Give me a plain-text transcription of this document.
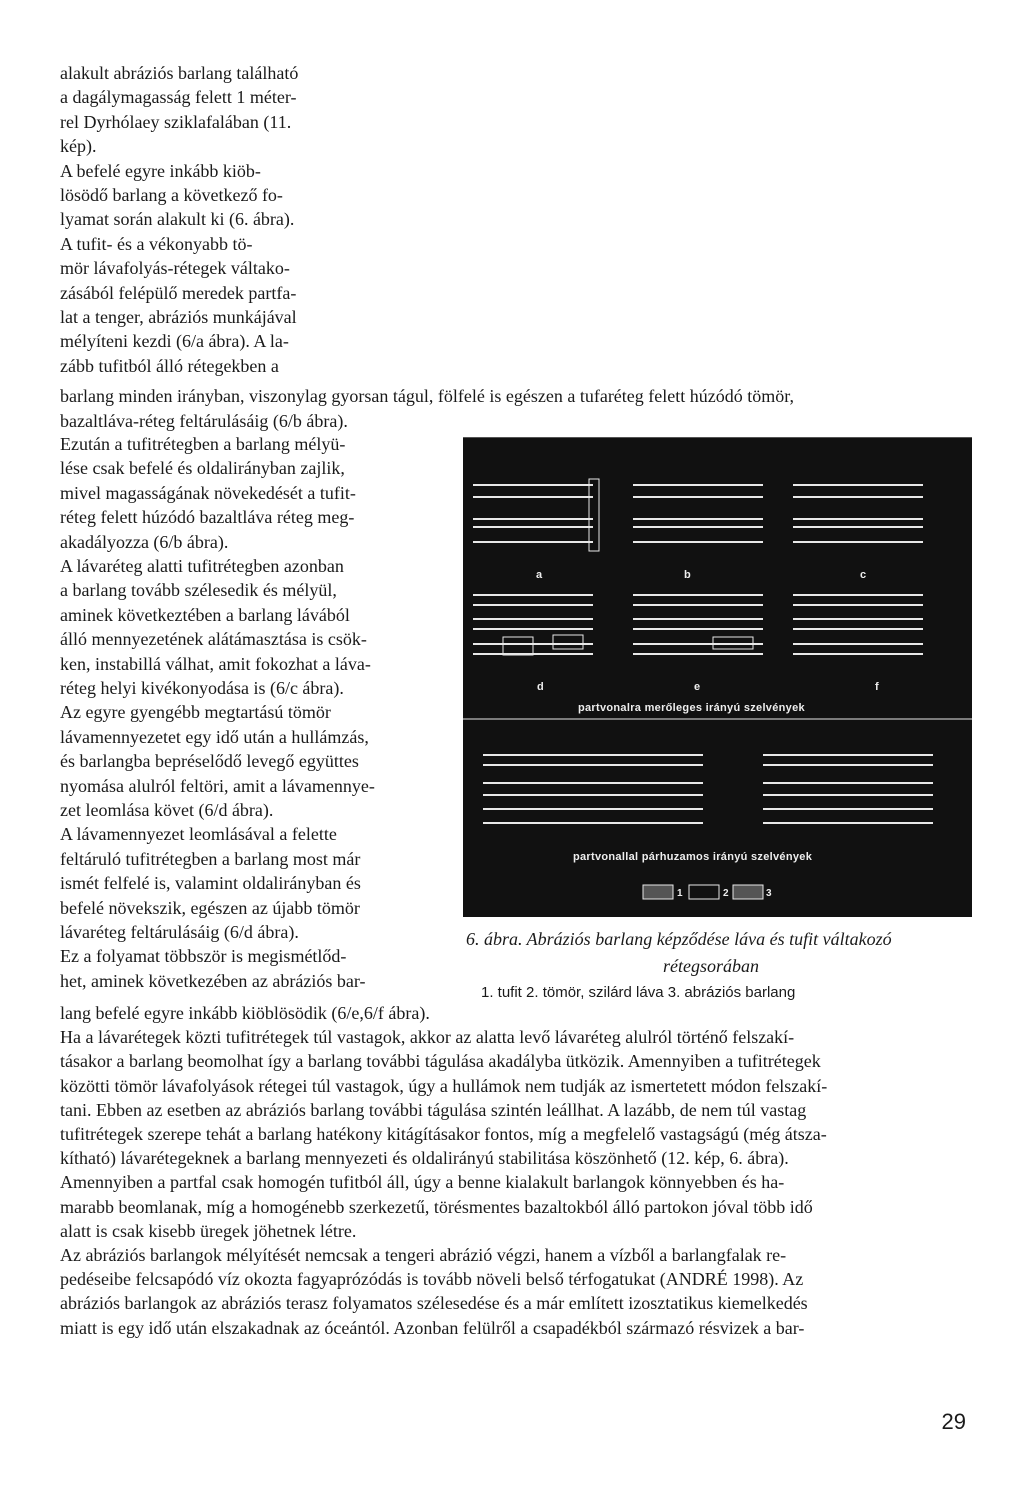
alakult abráziós barlang található
a dagálymagasság felett 1 méter-
rel Dyrhólaey sziklafalában (11.
kép).
A befelé egyre inkább kiöb-
lösödő barlang a következő fo-
lyamat során alakult ki (6. ábra).
A tufit- és a vékonyabb tö-
mör lávafolyás-rétegek váltako-
zásából felépülő meredek partfa-
lat a tenger, abráziós munkájával
mélyíteni kezdi (6/a ábra). A la-
zább tufitból álló rétegekben a
barlang minden irányban, viszonylag gyorsan tágul, fölfelé is egészen a tufaréteg felett húzódó tömör,
bazaltláva-réteg feltárulásáig (6/b ábra).
Ezután a tufitrétegben a barlang mélyü-
lése csak befelé és oldalirányban zajlik,
mivel magasságának növekedését a tufit-
réteg felett húzódó bazaltláva réteg meg-
akadályozza (6/b ábra).
A lávaréteg alatti tufitrétegben azonban
a barlang tovább szélesedik és mélyül,
aminek következtében a barlang lávából
álló mennyezetének alátámasztása is csök-
ken, instabillá válhat, amit fokozhat a láva-
réteg helyi kivékonyodása is (6/c ábra).
Az egyre gyengébb megtartású tömör
lávamennyezetet egy idő után a hullámzás,
és barlangba bepréselődő levegő együttes
nyomása alulról feltöri, amit a lávamennye-
zet leomlása követ (6/d ábra).
A lávamennyezet leomlásával a felette
feltáruló tufitrétegben a barlang most már
ismét felfelé is, valamint oldalirányban és
befelé növekszik, egészen az újabb tömör
lávaréteg feltárulásáig (6/d ábra).
Ez a folyamat többször is megismétlőd-
het, aminek következében az abráziós bar-
lang befelé egyre inkább kiöblösödik (6/e,6/f ábra).
Ha a lávarétegek közti tufitrétegek túl vastagok, akkor az alatta levő lávaréteg alulról történő felszakí-
tásakor a barlang beomolhat így a barlang további tágulása akadályba ütközik. Amennyiben a tufitrétegek
közötti tömör lávafolyások rétegei túl vastagok, úgy a hullámok nem tudják az ismertetett módon felszakí-
tani. Ebben az esetben az abráziós barlang további tágulása szintén leállhat. A lazább, de nem túl vastag
tufitrétegek szerepe tehát a barlang hatékony kitágításakor fontos, míg a megfelelő vastagságú (még átsza-
kítható) lávarétegeknek a barlang mennyezeti és oldalirányú stabilitása köszönhető (12. kép, 6. ábra).
Amennyiben a partfal csak homogén tufitból áll, úgy a benne kialakult barlangok könnyebben és ha-
marabb beomlanak, míg a homogénebb szerkezetű, törésmentes bazaltokból álló partokon jóval több idő
alatt is csak kisebb üregek jöhetnek létre.
Az abráziós barlangok mélyítését nemcsak a tengeri abrázió végzi, hanem a vízből a barlangfalak re-
pedéseibe felcsapódó víz okozta fagyaprózódás is tovább növeli belső térfogatukat (ANDRÉ 1998). Az
abráziós barlangok az abráziós terasz folyamatos szélesedése és a már említett izosztatikus kiemelkedés
miatt is egy idő után elszakadnak az óceántól. Azonban felülről a csapadékból származó résvizek a bar-
a	b	c
d	e	f
partvonalra merőleges irányú szelvények
partvonallal párhuzamos irányú szelvények
1	2	3
6. ábra. Abráziós barlang képződése láva és tufit váltakozó
rétegsorában
1. tufit 2. tömör, szilárd láva 3. abráziós barlang
29
